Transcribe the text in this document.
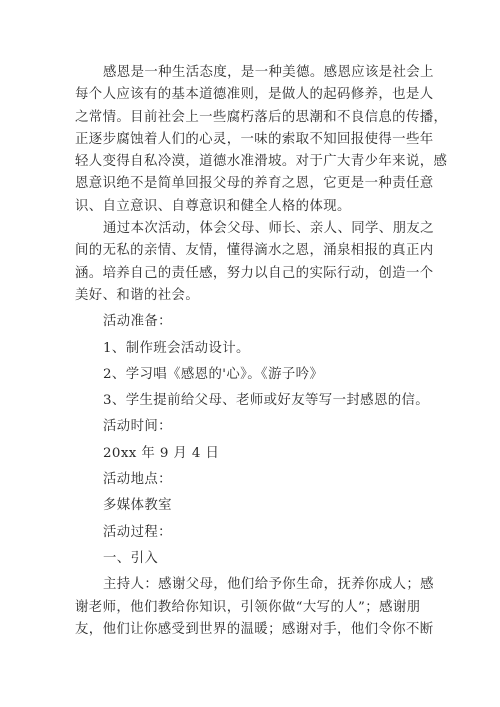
感恩是一种生活态度，是一种美德。感恩应该是社会上
每个人应该有的基本道德准则，是做人的起码修养，也是人
之常情。目前社会上一些腐朽落后的思潮和不良信息的传播，
正逐步腐蚀着人们的心灵，一味的索取不知回报使得一些年
轻人变得自私冷漠，道德水准滑坡。对于广大青少年来说，感
恩意识绝不是简单回报父母的养育之恩，它更是一种责任意
识、自立意识、自尊意识和健全人格的体现。
通过本次活动，体会父母、师长、亲人、同学、朋友之
间的无私的亲情、友情，懂得滴水之恩，涌泉相报的真正内
涵。培养自己的责任感，努力以自己的实际行动，创造一个
美好、和谐的社会。
活动准备：
1、制作班会活动设计。
2、学习唱《感恩的'心》。《游子吟》
3、学生提前给父母、老师或好友等写一封感恩的信。
活动时间：
20xx 年 9 月 4 日
活动地点：
多媒体教室
活动过程：
一、引入
主持人：感谢父母，他们给予你生命，抚养你成人；感
谢老师，他们教给你知识，引领你做“大写的人”；感谢朋
友，他们让你感受到世界的温暖；感谢对手，他们令你不断
